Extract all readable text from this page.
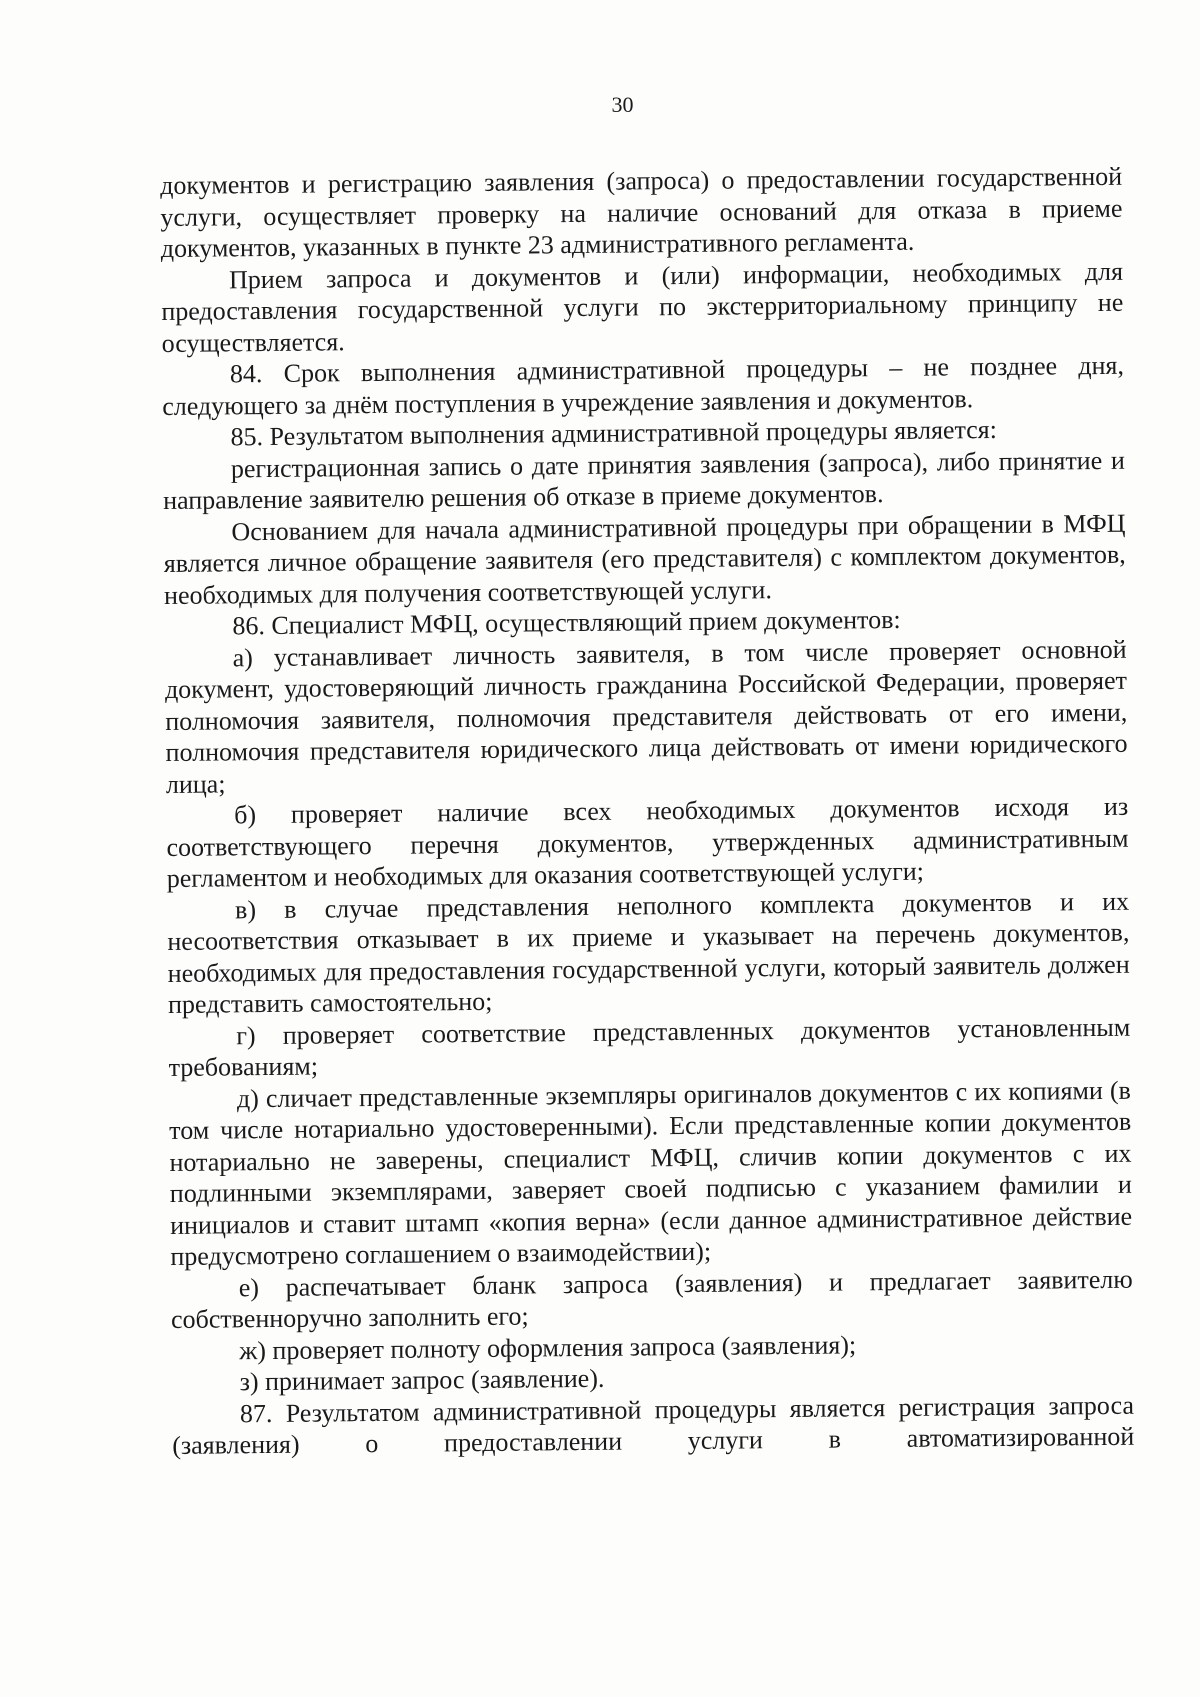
30

документов и регистрацию заявления (запроса) о предоставлении государственной услуги, осуществляет проверку на наличие оснований для отказа в приеме документов, указанных в пункте 23 административного регламента.

Прием запроса и документов и (или) информации, необходимых для предоставления государственной услуги по экстерриториальному принципу не осуществляется.

84. Срок выполнения административной процедуры – не позднее дня, следующего за днём поступления в учреждение заявления и документов.

85. Результатом выполнения административной процедуры является:

регистрационная запись о дате принятия заявления (запроса), либо принятие и направление заявителю решения об отказе в приеме документов.

Основанием для начала административной процедуры при обращении в МФЦ является личное обращение заявителя (его представителя) с комплектом документов, необходимых для получения соответствующей услуги.

86. Специалист МФЦ, осуществляющий прием документов:

а) устанавливает личность заявителя, в том числе проверяет основной документ, удостоверяющий личность гражданина Российской Федерации, проверяет полномочия заявителя, полномочия представителя действовать от его имени, полномочия представителя юридического лица действовать от имени юридического лица;

б) проверяет наличие всех необходимых документов исходя из соответствующего перечня документов, утвержденных административным регламентом и необходимых для оказания соответствующей услуги;

в) в случае представления неполного комплекта документов и их несоответствия отказывает в их приеме и указывает на перечень документов, необходимых для предоставления государственной услуги, который заявитель должен представить самостоятельно;

г) проверяет соответствие представленных документов установленным требованиям;

д) сличает представленные экземпляры оригиналов документов с их копиями (в том числе нотариально удостоверенными). Если представленные копии документов нотариально не заверены, специалист МФЦ, сличив копии документов с их подлинными экземплярами, заверяет своей подписью с указанием фамилии и инициалов и ставит штамп «копия верна» (если данное административное действие предусмотрено соглашением о взаимодействии);

е) распечатывает бланк запроса (заявления) и предлагает заявителю собственноручно заполнить его;

ж) проверяет полноту оформления запроса (заявления);

з) принимает запрос (заявление).

87. Результатом административной процедуры является регистрация запроса (заявления) о предоставлении услуги в автоматизированной
